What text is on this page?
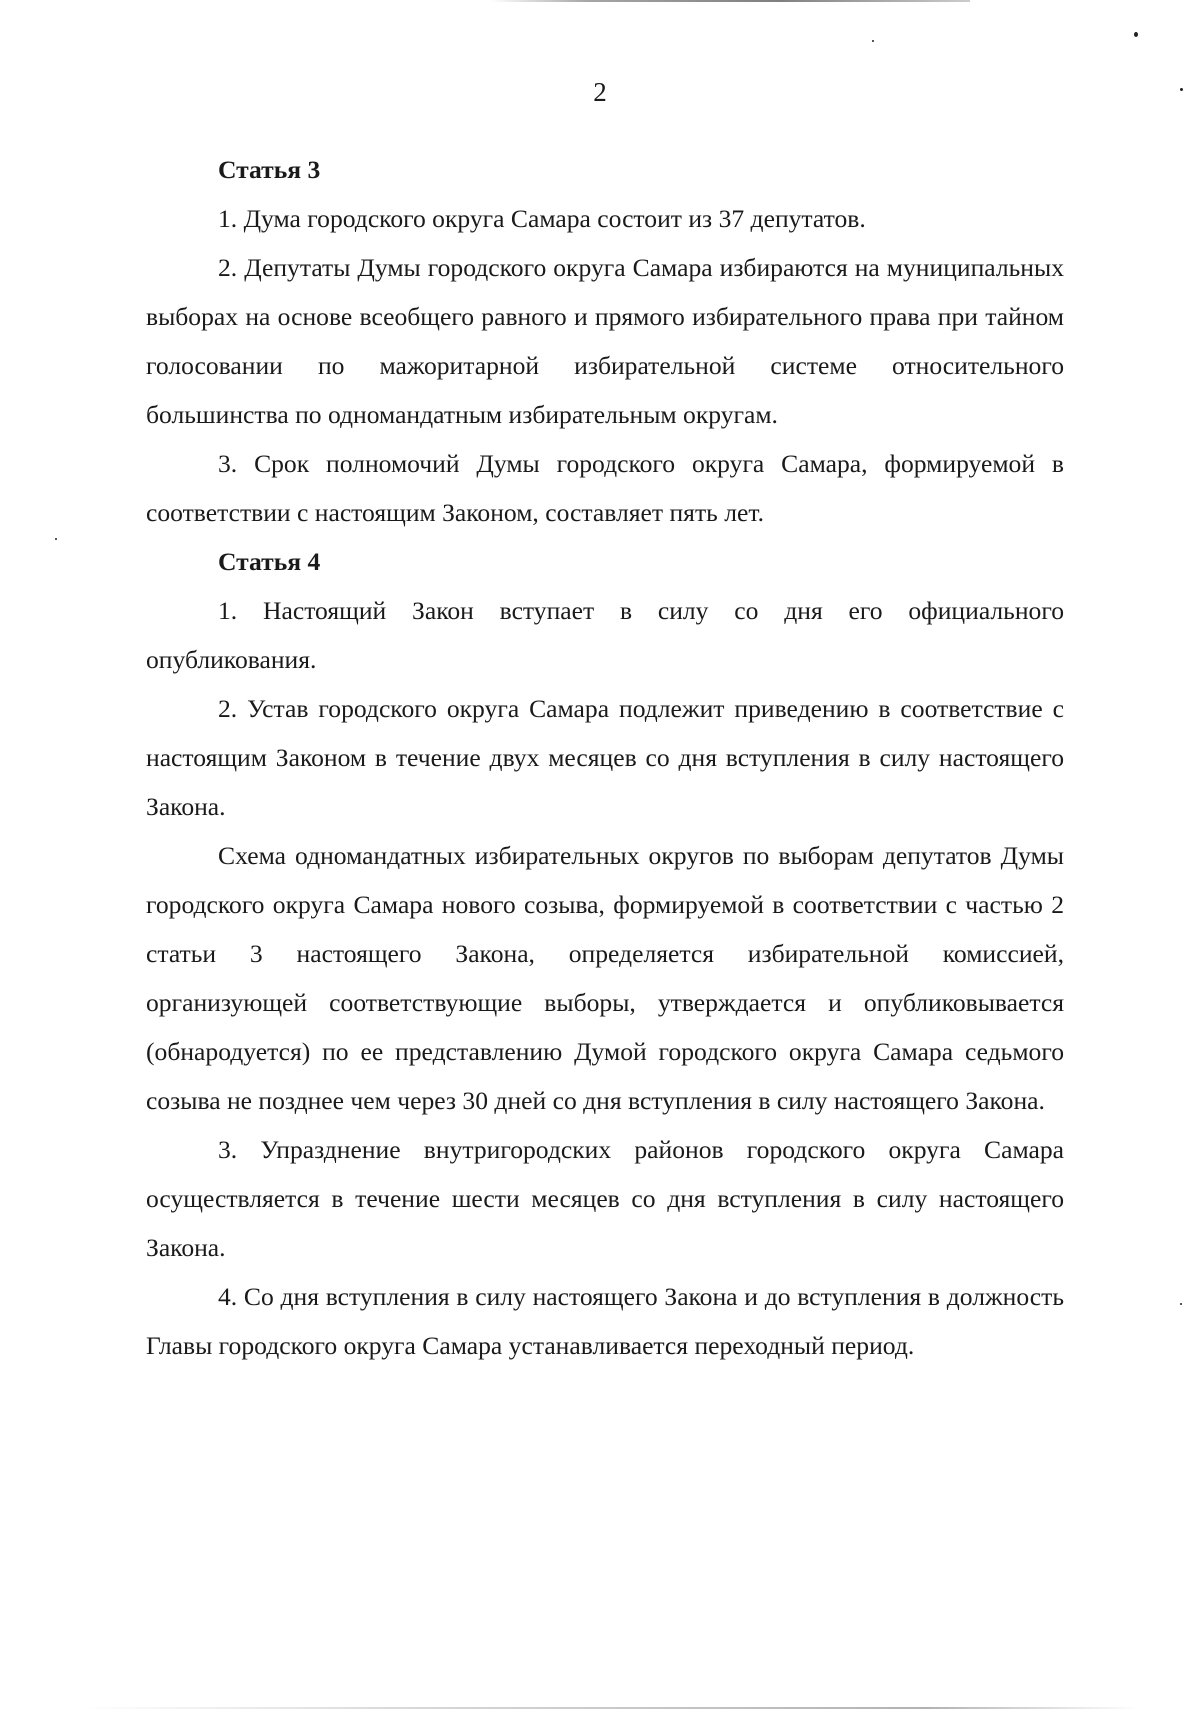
2

Статья 3

1. Дума городского округа Самара состоит из 37 депутатов.

2. Депутаты Думы городского округа Самара избираются на муниципальных выборах на основе всеобщего равного и прямого избирательного права при тайном голосовании по мажоритарной избирательной системе относительного большинства по одномандатным избирательным округам.

3. Срок полномочий Думы городского округа Самара, формируемой в соответствии с настоящим Законом, составляет пять лет.

Статья 4

1. Настоящий Закон вступает в силу со дня его официального опубликования.

2. Устав городского округа Самара подлежит приведению в соответствие с настоящим Законом в течение двух месяцев со дня вступления в силу настоящего Закона.

Схема одномандатных избирательных округов по выборам депутатов Думы городского округа Самара нового созыва, формируемой в соответствии с частью 2 статьи 3 настоящего Закона, определяется избирательной комиссией, организующей соответствующие выборы, утверждается и опубликовывается (обнародуется) по ее представлению Думой городского округа Самара седьмого созыва не позднее чем через 30 дней со дня вступления в силу настоящего Закона.

3. Упразднение внутригородских районов городского округа Самара осуществляется в течение шести месяцев со дня вступления в силу настоящего Закона.

4. Со дня вступления в силу настоящего Закона и до вступления в должность Главы городского округа Самара устанавливается переходный период.
